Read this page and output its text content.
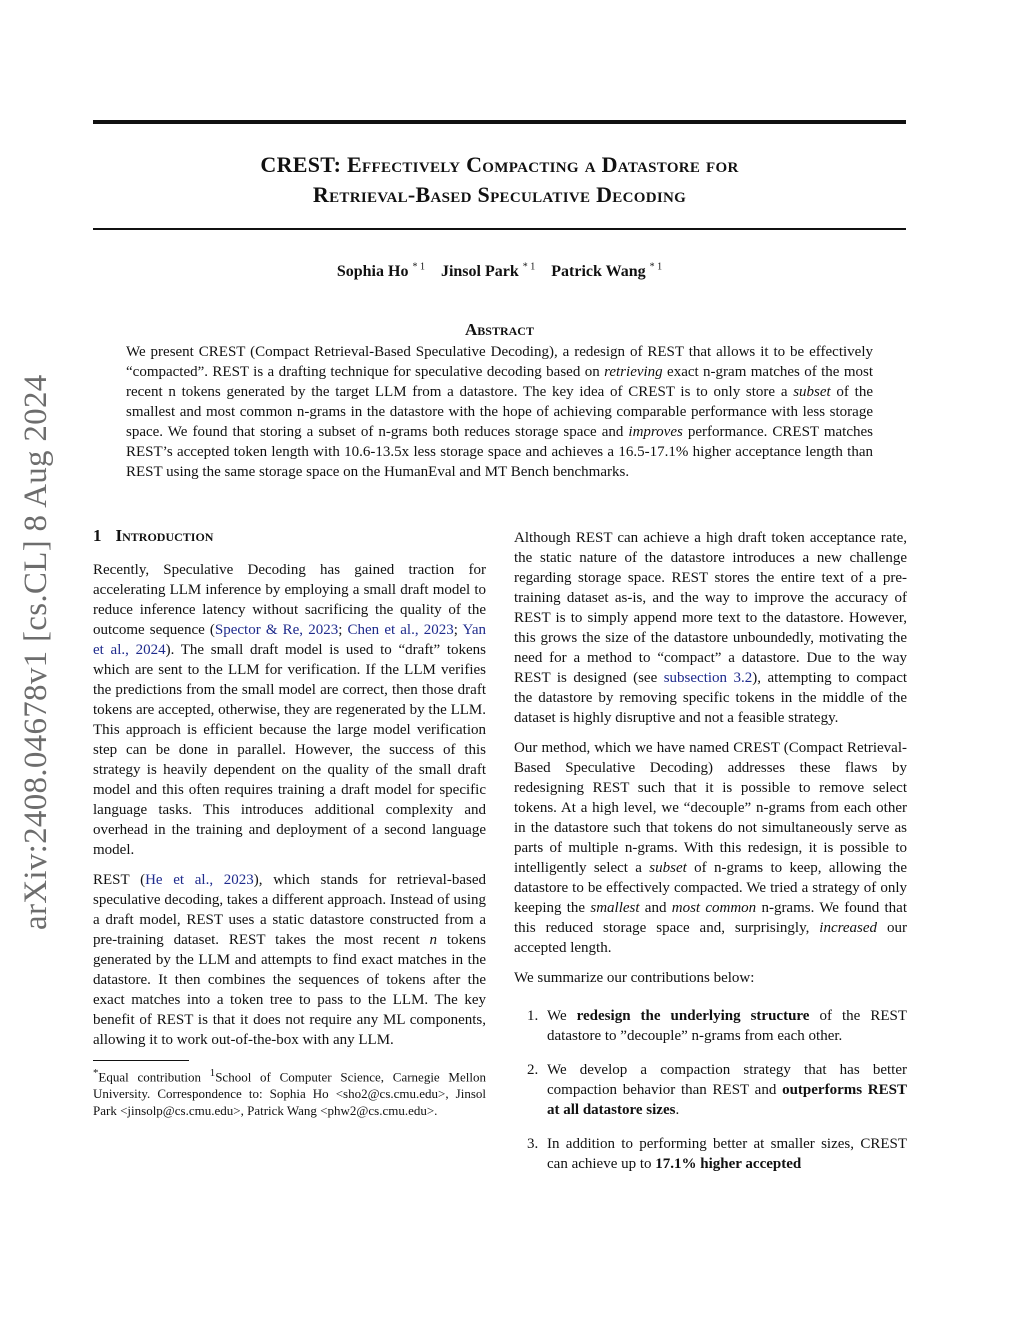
CREST: Effectively Compacting a Datastore for
Retrieval-Based Speculative Decoding
Sophia Ho $^{* 1}$ Jinsol Park $^{* 1}$ Patrick Wang $^{* 1}$
arXiv:2408.04678v1 [cs.CL] 8 Aug 2024
Abstract

We present CREST (Compact Retrieval-Based Speculative Decoding), a redesign of REST that allows it to be effectively “compacted”. REST is a drafting technique for speculative decoding based on retrieving exact n-gram matches of the most recent n tokens generated by the target LLM from a datastore. The key idea of CREST is to only store a subset of the smallest and most common n-grams in the datastore with the hope of achieving comparable performance with less storage space. We found that storing a subset of n-grams both reduces storage space and improves performance. CREST matches REST’s accepted token length with 10.6-13.5x less storage space and achieves a 16.5-17.1% higher acceptance length than REST using the same storage space on the HumanEval and MT Bench benchmarks.

1 Introduction

Recently, Speculative Decoding has gained traction for accelerating LLM inference by employing a small draft model to reduce inference latency without sacrificing the quality of the outcome sequence (Spector & Re, 2023; Chen et al., 2023; Yan et al., 2024). The small draft model is used to “draft” tokens which are sent to the LLM for verification. If the LLM verifies the predictions from the small model are correct, then those draft tokens are accepted, otherwise, they are regenerated by the LLM. This approach is efficient because the large model verification step can be done in parallel. However, the success of this strategy is heavily dependent on the quality of the small draft model and this often requires training a draft model for specific language tasks. This introduces additional complexity and overhead in the training and deployment of a second language model.

REST (He et al., 2023), which stands for retrieval-based speculative decoding, takes a different approach. Instead of using a draft model, REST uses a static datastore constructed from a pre-training dataset. REST takes the most recent n tokens generated by the LLM and attempts to find exact matches in the datastore. It then combines the sequences of tokens after the exact matches into a token tree to pass to the LLM. The key benefit of REST is that it does not require any ML components, allowing it to work out-of-the-box with any LLM.

*Equal contribution $^1$School of Computer Science, Carnegie Mellon University. Correspondence to: Sophia Ho <sho2@cs.cmu.edu>, Jinsol Park <jinsolp@cs.cmu.edu>, Patrick Wang <phw2@cs.cmu.edu>.

Although REST can achieve a high draft token acceptance rate, the static nature of the datastore introduces a new challenge regarding storage space. REST stores the entire text of a pre-training dataset as-is, and the way to improve the accuracy of REST is to simply append more text to the datastore. However, this grows the size of the datastore unboundedly, motivating the need for a method to “compact” a datastore. Due to the way REST is designed (see subsection 3.2), attempting to compact the datastore by removing specific tokens in the middle of the dataset is highly disruptive and not a feasible strategy.

Our method, which we have named CREST (Compact Retrieval-Based Speculative Decoding) addresses these flaws by redesigning REST such that it is possible to remove select tokens. At a high level, we “decouple” n-grams from each other in the datastore such that tokens do not simultaneously serve as parts of multiple n-grams. With this redesign, it is possible to intelligently select a subset of n-grams to keep, allowing the datastore to be effectively compacted. We tried a strategy of only keeping the smallest and most common n-grams. We found that this reduced storage space and, surprisingly, increased our accepted length.

We summarize our contributions below:

1. We redesign the underlying structure of the REST datastore to ”decouple” n-grams from each other.
2. We develop a compaction strategy that has better compaction behavior than REST and outperforms REST at all datastore sizes.
3. In addition to performing better at smaller sizes, CREST can achieve up to 17.1% higher accepted
